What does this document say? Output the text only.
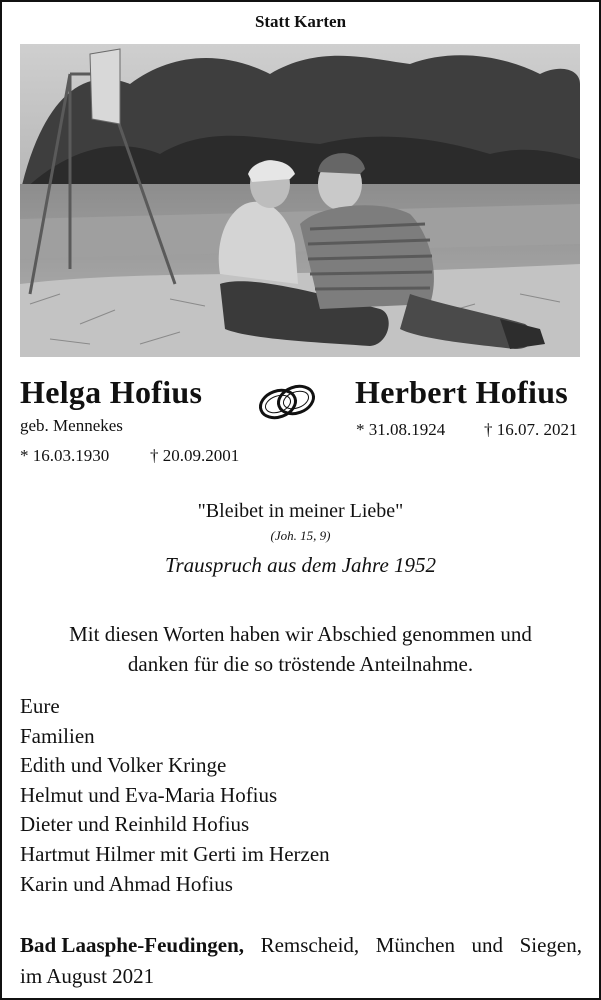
Statt Karten
Helga Hofius
geb. Mennekes
* 16.03.1930 † 20.09.2001
Herbert Hofius
* 31.08.1924 † 16.07. 2021
"Bleibet in meiner Liebe"
(Joh. 15, 9)
Trauspruch aus dem Jahre 1952
Mit diesen Worten haben wir Abschied genommen und
danken für die so tröstende Anteilnahme.
Eure
Familien
Edith und Volker Kringe
Helmut und Eva-Maria Hofius
Dieter und Reinhild Hofius
Hartmut Hilmer mit Gerti im Herzen
Karin und Ahmad Hofius
Bad Laasphe-Feudingen, Remscheid, München und Siegen,
im August 2021
